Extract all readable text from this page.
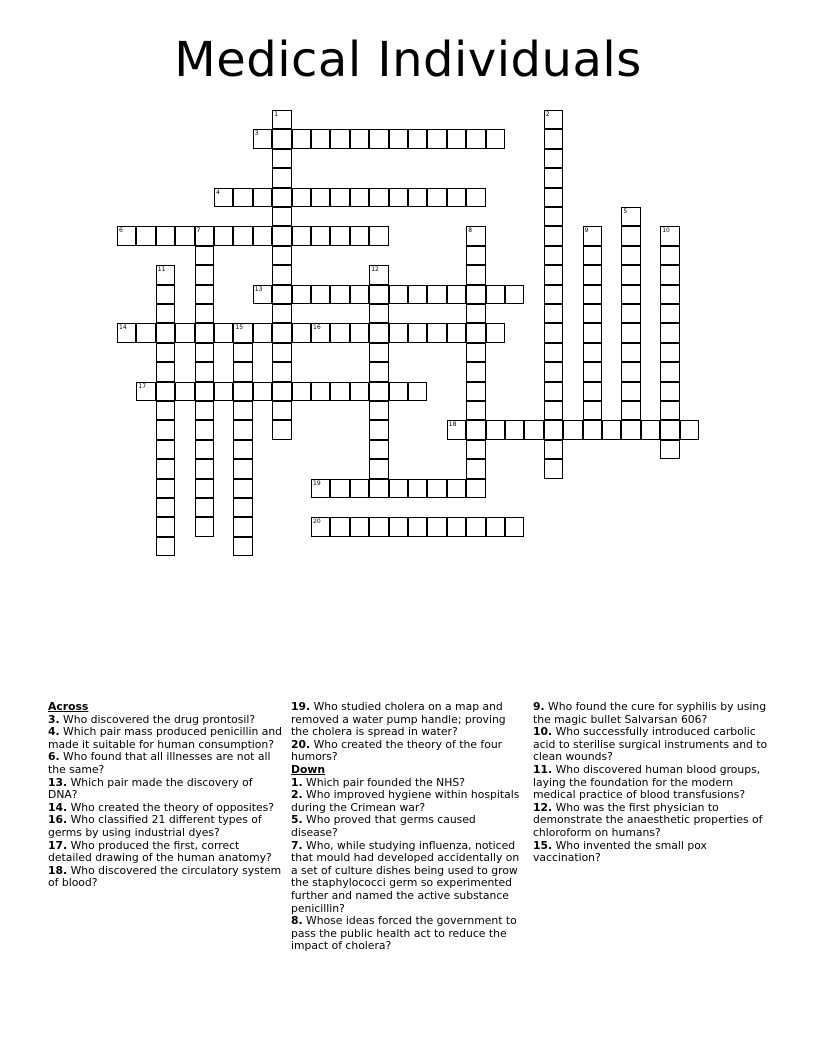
Medical Individuals
3
4
6	7
13
14	15	16
17
18
19
20
1	2
5
8	9	10
11	12
Across
3. Who discovered the drug prontosil?
4. Which pair mass produced penicillin and made it suitable for human consumption?
6. Who found that all illnesses are not all the same?
13. Which pair made the discovery of DNA?
14. Who created the theory of opposites?
16. Who classified 21 different types of germs by using industrial dyes?
17. Who produced the first, correct detailed drawing of the human anatomy?
18. Who discovered the circulatory system of blood?
19. Who studied cholera on a map and removed a water pump handle; proving the cholera is spread in water?
20. Who created the theory of the four humors?
Down
1. Which pair founded the NHS?
2. Who improved hygiene within hospitals during the Crimean war?
5. Who proved that germs caused disease?
7. Who, while studying influenza, noticed that mould had developed accidentally on a set of culture dishes being used to grow the staphylococci germ so experimented further and named the active substance penicillin?
8. Whose ideas forced the government to pass the public health act to reduce the impact of cholera?
9. Who found the cure for syphilis by using the magic bullet Salvarsan 606?
10. Who successfully introduced carbolic acid to sterilise surgical instruments and to clean wounds?
11. Who discovered human blood groups, laying the foundation for the modern medical practice of blood transfusions?
12. Who was the first physician to demonstrate the anaesthetic properties of chloroform on humans?
15. Who invented the small pox vaccination?
